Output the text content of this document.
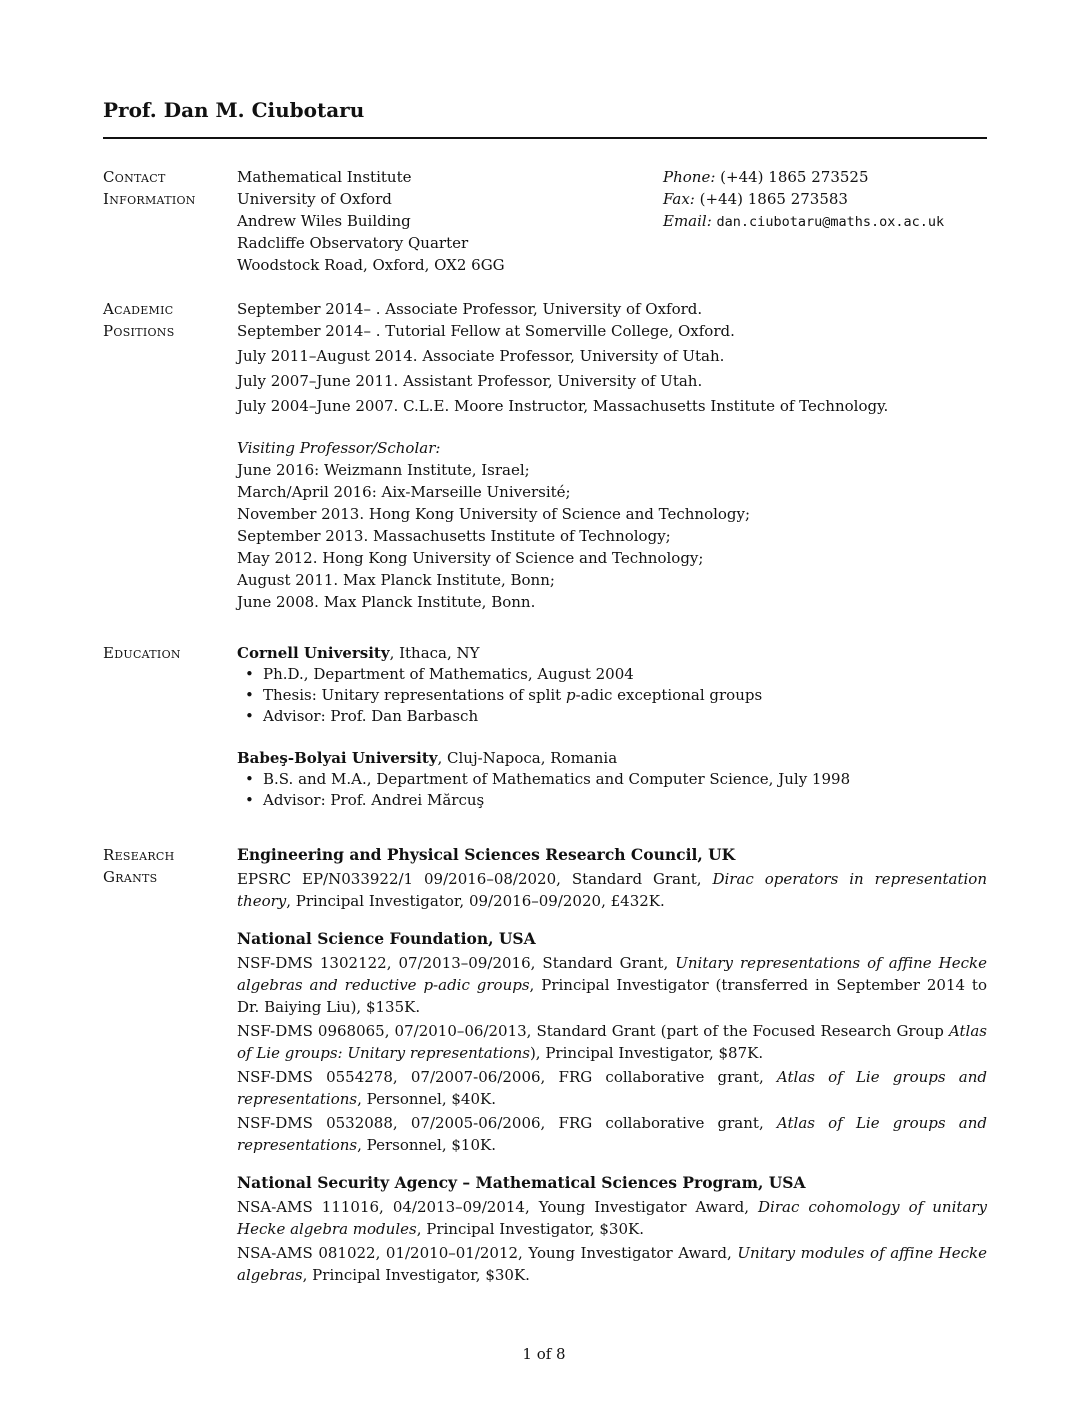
Prof. Dan M. Ciubotaru
Contact
Information
Mathematical Institute
University of Oxford
Andrew Wiles Building
Radcliffe Observatory Quarter
Woodstock Road, Oxford, OX2 6GG
Phone: (+44) 1865 273525
Fax: (+44) 1865 273583
Email: dan.ciubotaru@maths.ox.ac.uk
Academic
Positions
September 2014– . Associate Professor, University of Oxford.
September 2014– . Tutorial Fellow at Somerville College, Oxford.
July 2011–August 2014. Associate Professor, University of Utah.
July 2007–June 2011. Assistant Professor, University of Utah.
July 2004–June 2007. C.L.E. Moore Instructor, Massachusetts Institute of Technology.
Visiting Professor/Scholar:
June 2016: Weizmann Institute, Israel;
March/April 2016: Aix-Marseille Université;
November 2013. Hong Kong University of Science and Technology;
September 2013. Massachusetts Institute of Technology;
May 2012. Hong Kong University of Science and Technology;
August 2011. Max Planck Institute, Bonn;
June 2008. Max Planck Institute, Bonn.
Education	Cornell University, Ithaca, NY
• Ph.D., Department of Mathematics, August 2004
• Thesis: Unitary representations of split p-adic exceptional groups
• Advisor: Prof. Dan Barbasch
Babeş-Bolyai University, Cluj-Napoca, Romania
• B.S. and M.A., Department of Mathematics and Computer Science, July 1998
• Advisor: Prof. Andrei Mărcuş
Research
Grants
Engineering and Physical Sciences Research Council, UK
EPSRC EP/N033922/1 09/2016–08/2020, Standard Grant, Dirac operators in representation theory, Principal Investigator, 09/2016–09/2020, £432K.
National Science Foundation, USA
NSF-DMS 1302122, 07/2013–09/2016, Standard Grant, Unitary representations of affine Hecke algebras and reductive p-adic groups, Principal Investigator (transferred in September 2014 to Dr. Baiying Liu), $135K.
NSF-DMS 0968065, 07/2010–06/2013, Standard Grant (part of the Focused Research Group Atlas of Lie groups: Unitary representations), Principal Investigator, $87K.
NSF-DMS 0554278, 07/2007-06/2006, FRG collaborative grant, Atlas of Lie groups and representations, Personnel, $40K.
NSF-DMS 0532088, 07/2005-06/2006, FRG collaborative grant, Atlas of Lie groups and representations, Personnel, $10K.
National Security Agency – Mathematical Sciences Program, USA
NSA-AMS 111016, 04/2013–09/2014, Young Investigator Award, Dirac cohomology of unitary Hecke algebra modules, Principal Investigator, $30K.
NSA-AMS 081022, 01/2010–01/2012, Young Investigator Award, Unitary modules of affine Hecke algebras, Principal Investigator, $30K.
1 of 8
